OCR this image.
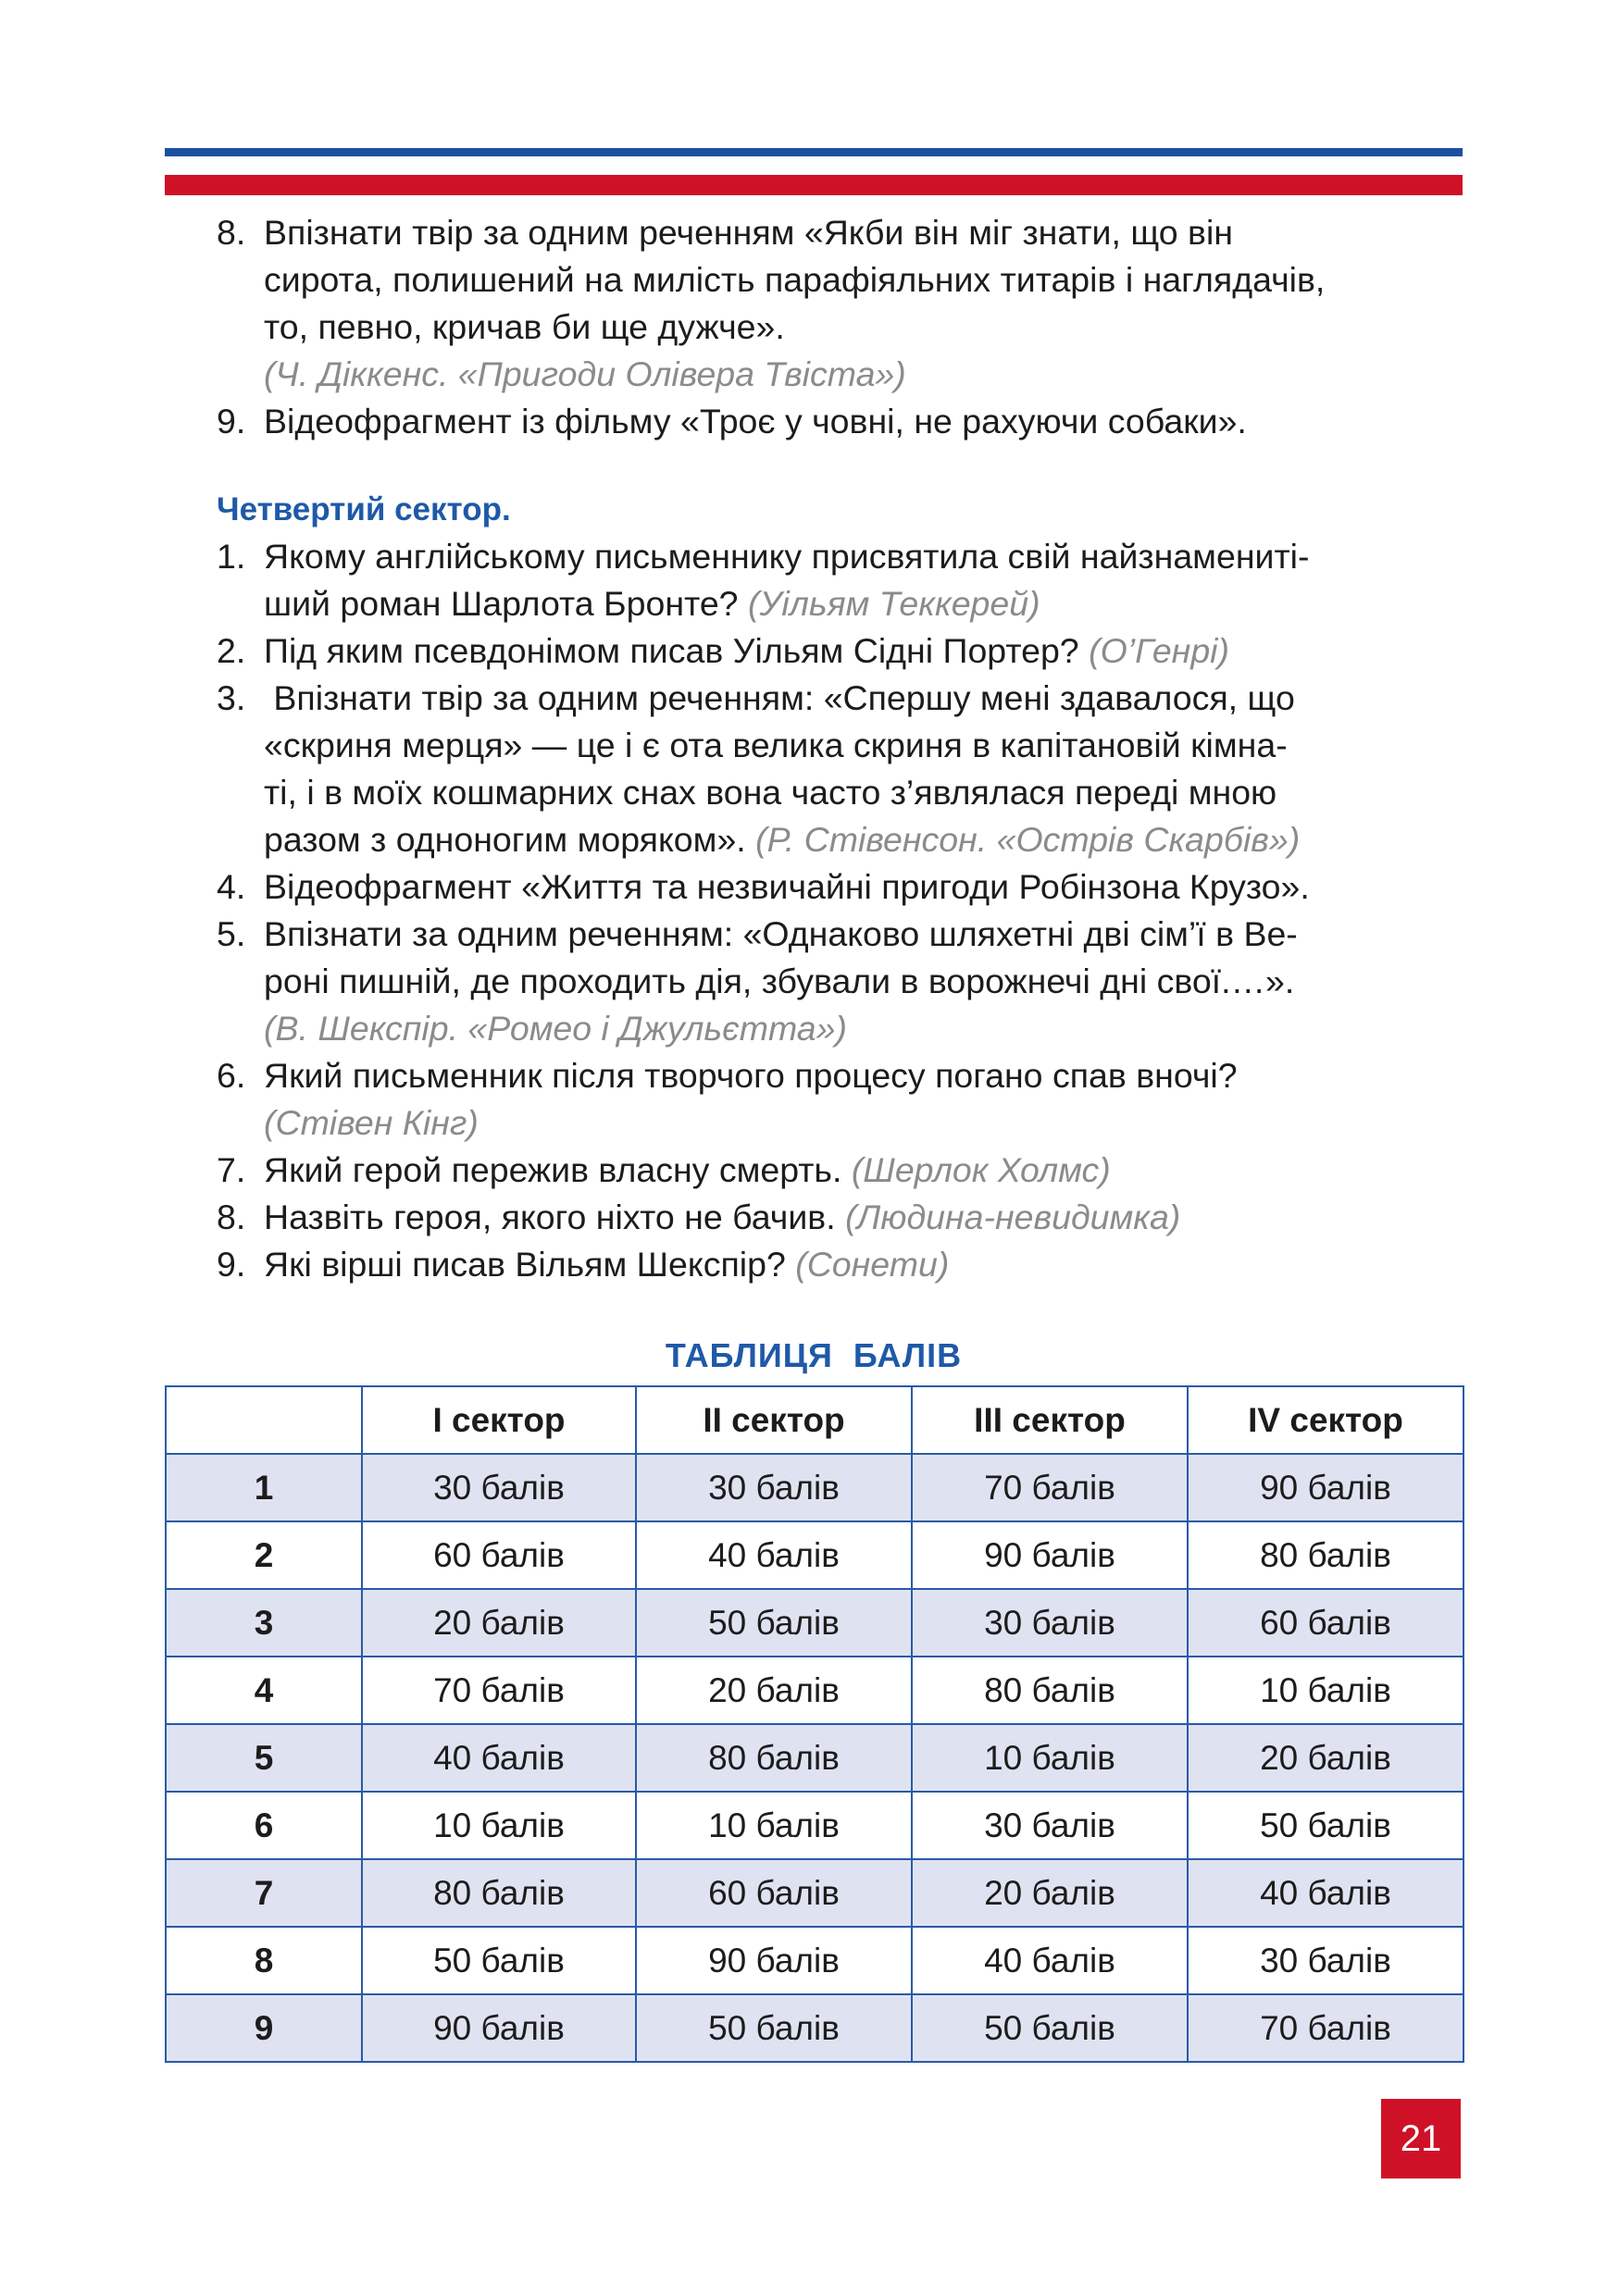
8. Впізнати твір за одним реченням «Якби він міг знати, що він
сирота, полишений на милість парафіяльних титарів і наглядачів,
то, певно, кричав би ще дужче».
(Ч. Діккенс. «Пригоди Олівера Твіста»)
9. Відеофрагмент із фільму «Троє у човні, не рахуючи собаки».
Четвертий сектор.
1. Якому англійському письменнику присвятила свій найзнамениті-
ший роман Шарлота Бронте? (Уільям Теккерей)
2. Під яким псевдонімом писав Уільям Сідні Портер? (О’Генрі)
3. Впізнати твір за одним реченням: «Спершу мені здавалося, що
«скриня мерця» — це і є ота велика скриня в капітановій кімна-
ті, і в моїх кошмарних снах вона часто з’являлася переді мною
разом з одноногим моряком». (Р. Стівенсон. «Острів Скарбів»)
4. Відеофрагмент «Життя та незвичайні пригоди Робінзона Крузо».
5. Впізнати за одним реченням: «Однаково шляхетні дві сім’ї в Ве-
роні пишній, де проходить дія, збували в ворожнечі дні свої.…».
(В. Шекспір. «Ромео і Джульєтта»)
6. Який письменник після творчого процесу погано спав вночі?
(Стівен Кінг)
7. Який герой пережив власну смерть. (Шерлок Холмс)
8. Назвіть героя, якого ніхто не бачив. (Людина-невидимка)
9. Які вірші писав Вільям Шекспір? (Сонети)
ТАБЛИЦЯ  БАЛІВ
	І сектор	ІІ сектор	ІІІ сектор	IV сектор
1	30 балів	30 балів	70 балів	90 балів
2	60 балів	40 балів	90 балів	80 балів
3	20 балів	50 балів	30 балів	60 балів
4	70 балів	20 балів	80 балів	10 балів
5	40 балів	80 балів	10 балів	20 балів
6	10 балів	10 балів	30 балів	50 балів
7	80 балів	60 балів	20 балів	40 балів
8	50 балів	90 балів	40 балів	30 балів
9	90 балів	50 балів	50 балів	70 балів
21
